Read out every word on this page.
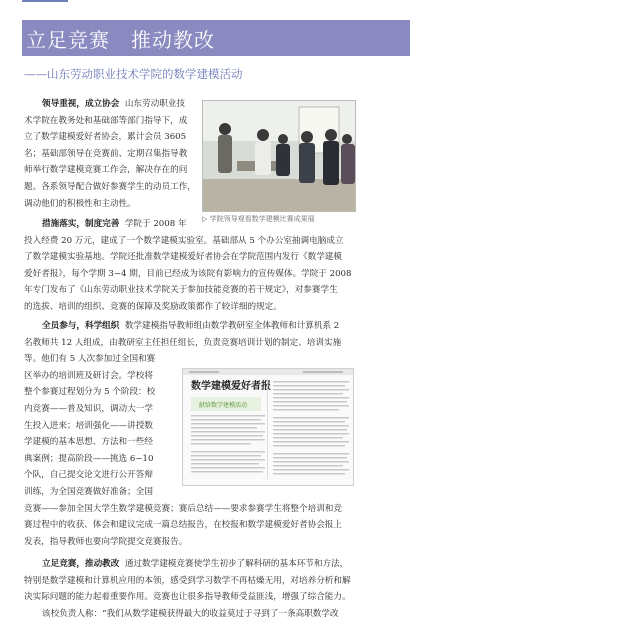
立足竞赛　推动教改
——山东劳动职业技术学院的数学建模活动
领导重视，成立协会 山东劳动职业技
术学院在教务处和基础部等部门指导下，成
立了数学建模爱好者协会，累计会员 3605
名；基础部领导在竞赛前、定期召集指导教
师举行数学建模竞赛工作会，解决存在的问
题。各系领导配合做好参赛学生的动员工作，
调动他们的积极性和主动性。
▷ 学院领导观看数学建模比赛成果展
措施落实，制度完善 学院于 2008 年
投入经费 20 万元，建成了一个数学建模实验室。基础部从 5 个办公室抽调电脑成立
了数学建模实验基地。学院还批准数学建模爱好者协会在学院范围内发行《数学建模
爱好者报》，每个学期 3~4 期，目前已经成为该院有影响力的宣传媒体。学院于 2008
年专门发布了《山东劳动职业技术学院关于参加技能竞赛的若干规定》，对参赛学生
的选拔、培训的组织、竞赛的保障及奖励政策都作了较详细的规定。
全员参与，科学组织 数学建模指导教师组由数学教研室全体教师和计算机系 2
名教师共 12 人组成，由教研室主任担任组长，负责竞赛培训计划的制定、培训实施
等。他们有 5 人次参加过全国和赛
区举办的培训班及研讨会。学校将
整个参赛过程划分为 5 个阶段：校
内竞赛——普及知识，调动大一学
生投入进来；培训强化——讲授数
学建模的基本思想、方法和一些经
典案例；提高阶段——挑选 6~10
个队，自己提交论文进行公开答辩
训练，为全国竞赛做好准备；全国
竞赛——参加全国大学生数学建模竞赛；赛后总结——要求参赛学生将整个培训和竞
赛过程中的收获、体会和建议完成一篇总结报告，在校报和数学建模爱好者协会报上
发表，指导教师也要向学院提交竞赛报告。
数学建模爱好者报
献给数学建模活动
立足竞赛，推动教改 通过数学建模竞赛使学生初步了解科研的基本环节和方法，
特别是数学建模和计算机应用的本领，感受到学习数学不再枯燥无用，对培养分析和解
决实际问题的能力起着重要作用。竞赛也让很多指导教师受益匪浅，增强了综合能力。
该校负责人称：“我们从数学建模获得最大的收益莫过于寻到了一条高职数学改
